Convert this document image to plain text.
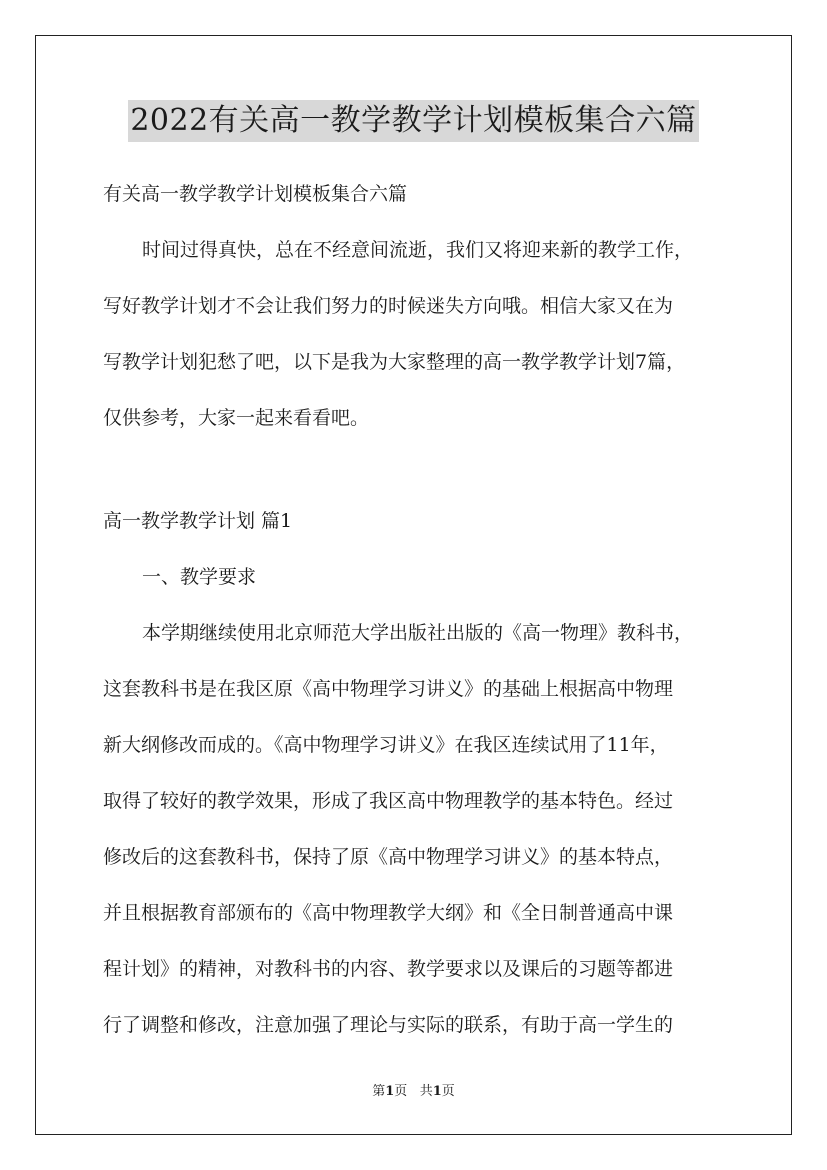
2022有关高一教学教学计划模板集合六篇
有关高一教学教学计划模板集合六篇
时间过得真快，总在不经意间流逝，我们又将迎来新的教学工作，
写好教学计划才不会让我们努力的时候迷失方向哦。相信大家又在为
写教学计划犯愁了吧，以下是我为大家整理的高一教学教学计划7篇，
仅供参考，大家一起来看看吧。
高一教学教学计划 篇1
一、教学要求
本学期继续使用北京师范大学出版社出版的《高一物理》教科书，
这套教科书是在我区原《高中物理学习讲义》的基础上根据高中物理
新大纲修改而成的。《高中物理学习讲义》在我区连续试用了11年，
取得了较好的教学效果，形成了我区高中物理教学的基本特色。经过
修改后的这套教科书，保持了原《高中物理学习讲义》的基本特点，
并且根据教育部颁布的《高中物理教学大纲》和《全日制普通高中课
程计划》的精神，对教科书的内容、教学要求以及课后的习题等都进
行了调整和修改，注意加强了理论与实际的联系，有助于高一学生的
第1页 共1页
